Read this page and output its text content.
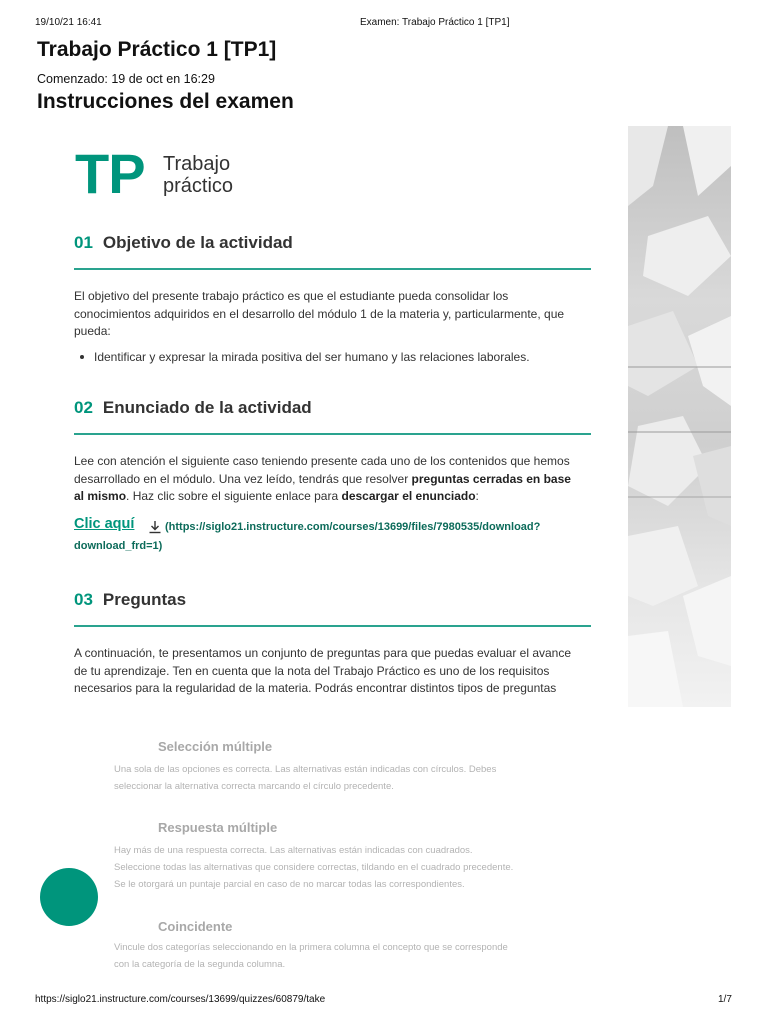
19/10/21 16:41	Examen: Trabajo Práctico 1 [TP1]
Trabajo Práctico 1 [TP1]
Comenzado: 19 de oct en 16:29
Instrucciones del examen
TP Trabajo
práctico
01 Objetivo de la actividad
El objetivo del presente trabajo práctico es que el estudiante pueda consolidar los
conocimientos adquiridos en el desarrollo del módulo 1 de la materia y, particularmente, que
pueda:
Identificar y expresar la mirada positiva del ser humano y las relaciones laborales.
02 Enunciado de la actividad
Lee con atención el siguiente caso teniendo presente cada uno de los contenidos que hemos
desarrollado en el módulo. Una vez leído, tendrás que resolver preguntas cerradas en base
al mismo. Haz clic sobre el siguiente enlace para descargar el enunciado:
Clic aquí	(https://siglo21.instructure.com/courses/13699/files/7980535/download?
download_frd=1)
03 Preguntas
A continuación, te presentamos un conjunto de preguntas para que puedas evaluar el avance
de tu aprendizaje. Ten en cuenta que la nota del Trabajo Práctico es uno de los requisitos
necesarios para la regularidad de la materia. Podrás encontrar distintos tipos de preguntas
Selección múltiple
Una sola de las opciones es correcta. Las alternativas están indicadas con círculos. Debes
seleccionar la alternativa correcta marcando el círculo precedente.
Respuesta múltiple
Hay más de una respuesta correcta. Las alternativas están indicadas con cuadrados.
Seleccione todas las alternativas que considere correctas, tildando en el cuadrado precedente.
Se le otorgará un puntaje parcial en caso de no marcar todas las correspondientes.
Coincidente
Vincule dos categorías seleccionando en la primera columna el concepto que se corresponde
con la categoría de la segunda columna.
https://siglo21.instructure.com/courses/13699/quizzes/60879/take	1/7
